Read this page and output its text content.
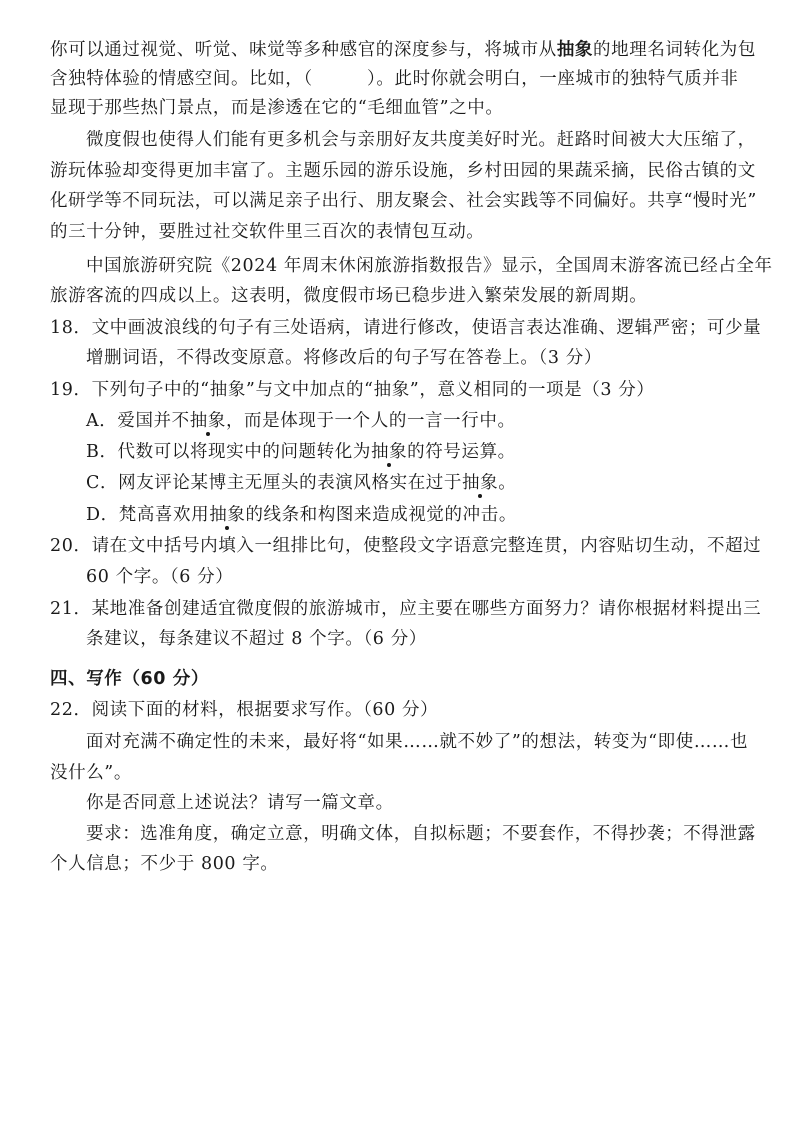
你可以通过视觉、听觉、味觉等多种感官的深度参与，将城市从抽象的地理名词转化为包
含独特体验的情感空间。比如，（　　　）。此时你就会明白，一座城市的独特气质并非
显现于那些热门景点，而是渗透在它的“毛细血管”之中。
微度假也使得人们能有更多机会与亲朋好友共度美好时光。赶路时间被大大压缩了，
游玩体验却变得更加丰富了。主题乐园的游乐设施，乡村田园的果蔬采摘，民俗古镇的文
化研学等不同玩法，可以满足亲子出行、朋友聚会、社会实践等不同偏好。共享“慢时光”
的三十分钟，要胜过社交软件里三百次的表情包互动。
中国旅游研究院《2024 年周末休闲旅游指数报告》显示，全国周末游客流已经占全年
旅游客流的四成以上。这表明，微度假市场已稳步进入繁荣发展的新周期。
18．文中画波浪线的句子有三处语病，请进行修改，使语言表达准确、逻辑严密；可少量
增删词语，不得改变原意。将修改后的句子写在答卷上。（3 分）
19．下列句子中的“抽象”与文中加点的“抽象”，意义相同的一项是（3 分）
A．爱国并不抽象，而是体现于一个人的一言一行中。
B．代数可以将现实中的问题转化为抽象的符号运算。
C．网友评论某博主无厘头的表演风格实在过于抽象。
D．梵高喜欢用抽象的线条和构图来造成视觉的冲击。
20．请在文中括号内填入一组排比句，使整段文字语意完整连贯，内容贴切生动，不超过
60 个字。（6 分）
21．某地准备创建适宜微度假的旅游城市，应主要在哪些方面努力？请你根据材料提出三
条建议，每条建议不超过 8 个字。（6 分）
四、写作（60 分）
22．阅读下面的材料，根据要求写作。（60 分）
面对充满不确定性的未来，最好将“如果……就不妙了”的想法，转变为“即使……也
没什么”。
你是否同意上述说法？请写一篇文章。
要求：选准角度，确定立意，明确文体，自拟标题；不要套作，不得抄袭；不得泄露
个人信息；不少于 800 字。
